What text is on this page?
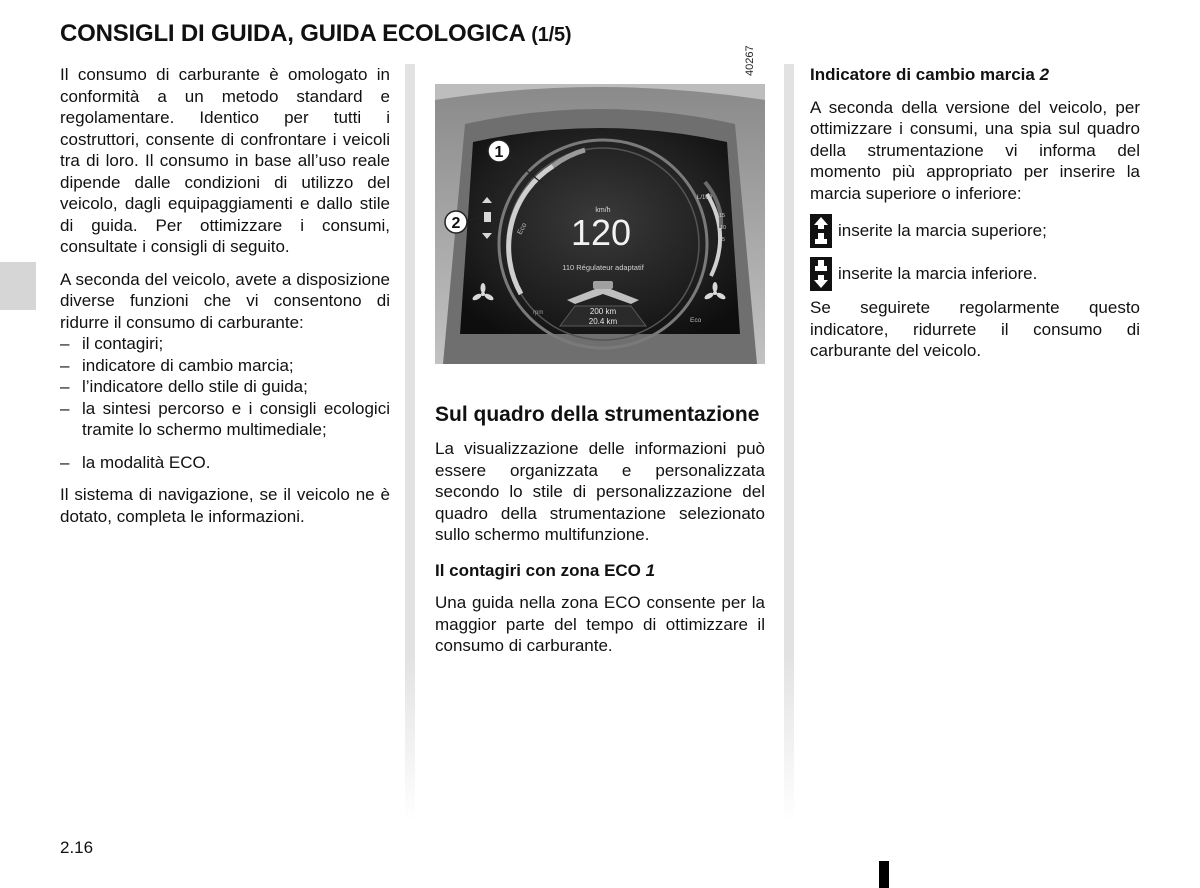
CONSIGLI DI GUIDA, GUIDA ECOLOGICA (1/5)

Il consumo di carburante è omologato in conformità a un metodo standard e regolamentare. Identico per tutti i costruttori, consente di confrontare i veicoli tra di loro. Il consumo in base all’uso reale dipende dalle condizioni di utilizzo del veicolo, dagli equipaggiamenti e dallo stile di guida. Per ottimizzare i consumi, consultate i consigli di seguito.

A seconda del veicolo, avete a disposizione diverse funzioni che vi consentono di ridurre il consumo di carburante:

– il contagiri;
– indicatore di cambio marcia;
– l’indicatore dello stile di guida;
– la sintesi percorso e i consigli ecologici tramite lo schermo multimediale;
– la modalità ECO.

Il sistema di navigazione, se il veicolo ne è dotato, completa le informazioni.

km/h
120
110 Régulateur adaptatif
Eco
200 km
20.4 km
rpm
Eco
L/100
15
10
5
1
2
40267

Sul quadro della strumentazione

La visualizzazione delle informazioni può essere organizzata e personalizzata secondo lo stile di personalizzazione del quadro della strumentazione selezionato sullo schermo multifunzione.

Il contagiri con zona ECO 1

Una guida nella zona ECO consente per la maggior parte del tempo di ottimizzare il consumo di carburante.

Indicatore di cambio marcia 2

A seconda della versione del veicolo, per ottimizzare i consumi, una spia sul quadro della strumentazione vi informa del momento più appropriato per inserire la marcia superiore o inferiore:

inserite la marcia superiore;
inserite la marcia inferiore.

Se seguirete regolarmente questo indicatore, ridurrete il consumo di carburante del veicolo.

2.16
